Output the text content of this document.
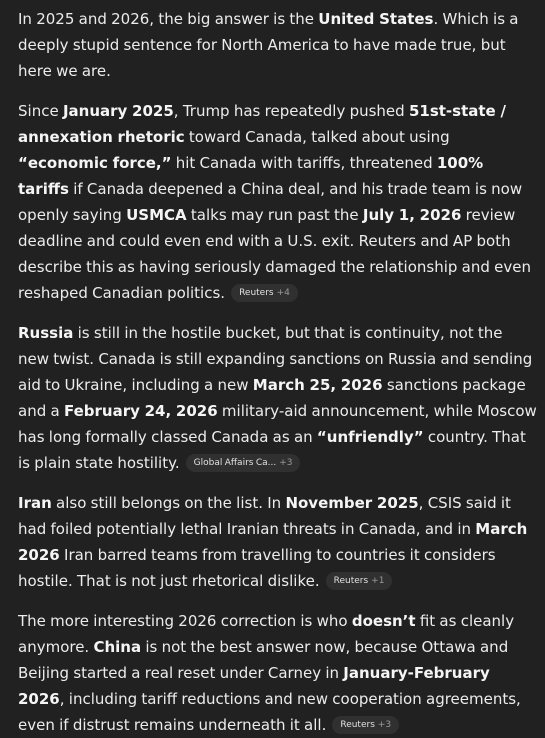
In 2025 and 2026, the big answer is the United States. Which is a deeply stupid sentence for North America to have made true, but here we are.

Since January 2025, Trump has repeatedly pushed 51st-state / annexation rhetoric toward Canada, talked about using “economic force,” hit Canada with tariffs, threatened 100% tariffs if Canada deepened a China deal, and his trade team is now openly saying USMCA talks may run past the July 1, 2026 review deadline and could even end with a U.S. exit. Reuters and AP both describe this as having seriously damaged the relationship and even reshaped Canadian politics. Reuters +4

Russia is still in the hostile bucket, but that is continuity, not the new twist. Canada is still expanding sanctions on Russia and sending aid to Ukraine, including a new March 25, 2026 sanctions package and a February 24, 2026 military-aid announcement, while Moscow has long formally classed Canada as an “unfriendly” country. That is plain state hostility. Global Affairs Ca... +3

Iran also still belongs on the list. In November 2025, CSIS said it had foiled potentially lethal Iranian threats in Canada, and in March 2026 Iran barred teams from travelling to countries it considers hostile. That is not just rhetorical dislike. Reuters +1

The more interesting 2026 correction is who doesn’t fit as cleanly anymore. China is not the best answer now, because Ottawa and Beijing started a real reset under Carney in January-February 2026, including tariff reductions and new cooperation agreements, even if distrust remains underneath it all. Reuters +3
